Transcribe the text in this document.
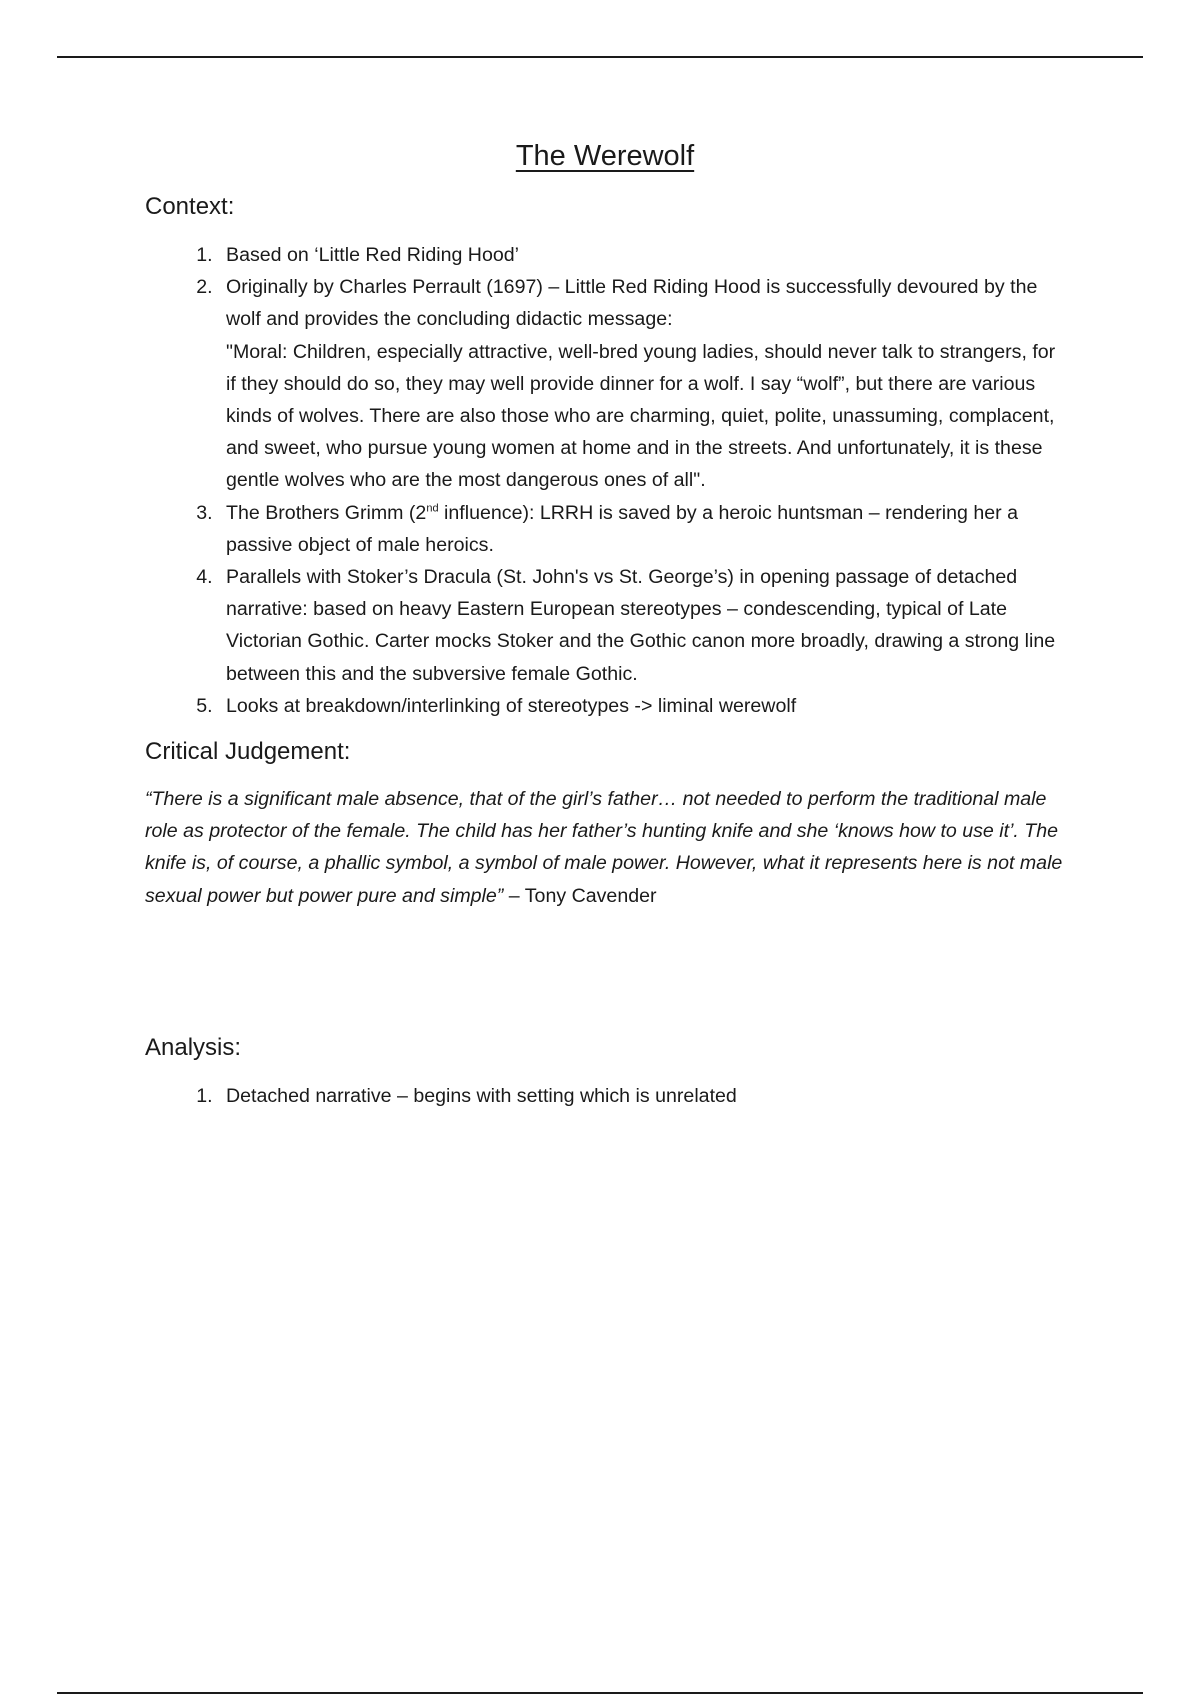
The Werewolf
Context:
1. Based on ‘Little Red Riding Hood’
2. Originally by Charles Perrault (1697) – Little Red Riding Hood is successfully devoured by the wolf and provides the concluding didactic message:
"Moral: Children, especially attractive, well-bred young ladies, should never talk to strangers, for if they should do so, they may well provide dinner for a wolf. I say “wolf”, but there are various kinds of wolves. There are also those who are charming, quiet, polite, unassuming, complacent, and sweet, who pursue young women at home and in the streets. And unfortunately, it is these gentle wolves who are the most dangerous ones of all".
3. The Brothers Grimm (2nd influence): LRRH is saved by a heroic huntsman – rendering her a passive object of male heroics.
4. Parallels with Stoker’s Dracula (St. John's vs St. George’s) in opening passage of detached narrative: based on heavy Eastern European stereotypes – condescending, typical of Late Victorian Gothic. Carter mocks Stoker and the Gothic canon more broadly, drawing a strong line between this and the subversive female Gothic.
5. Looks at breakdown/interlinking of stereotypes -> liminal werewolf
Critical Judgement:

“There is a significant male absence, that of the girl’s father… not needed to perform the traditional male role as protector of the female. The child has her father’s hunting knife and she ‘knows how to use it’. The knife is, of course, a phallic symbol, a symbol of male power. However, what it represents here is not male sexual power but power pure and simple” – Tony Cavender

Analysis:
1. Detached narrative – begins with setting which is unrelated
